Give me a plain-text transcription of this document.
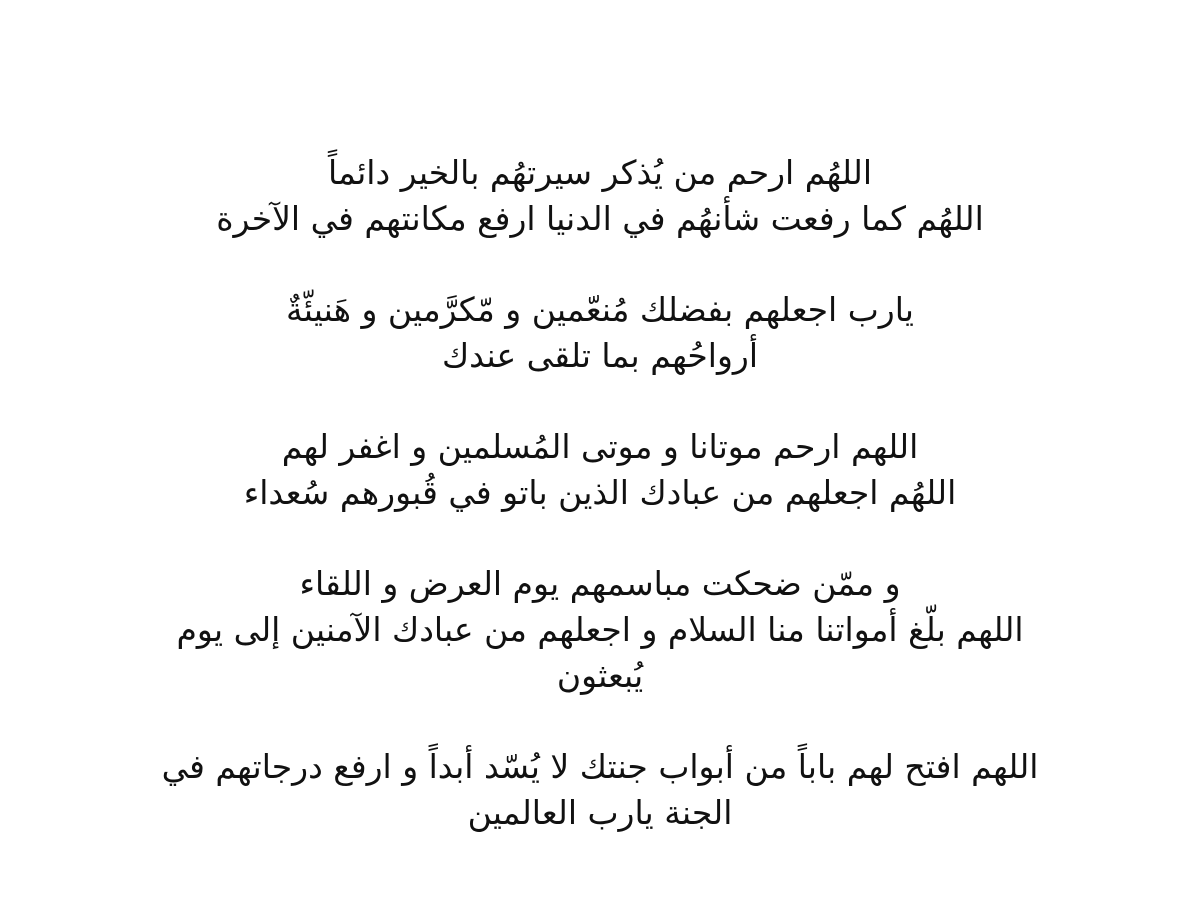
اللهُم ارحم من يُذكر سيرتهُم بالخير دائماً
اللهُم كما رفعت شأنهُم في الدنيا ارفع مكانتهم في الآخرة
يارب اجعلهم بفضلك مُنعّمين و مّكرَّمين و هَنيئّةٌ
أرواحُهم بما تلقى عندك
اللهم ارحم موتانا و موتى المُسلمين و اغفر لهم
اللهُم اجعلهم من عبادك الذين باتو في قُبورهم سُعداء
و ممّن ضحكت مباسمهم يوم العرض و اللقاء
اللهم بلّغ أمواتنا منا السلام و اجعلهم من عبادك الآمنين إلى يوم
يُبعثون
اللهم افتح لهم باباً من أبواب جنتك لا يُسّد أبداً و ارفع درجاتهم في
الجنة يارب العالمين
